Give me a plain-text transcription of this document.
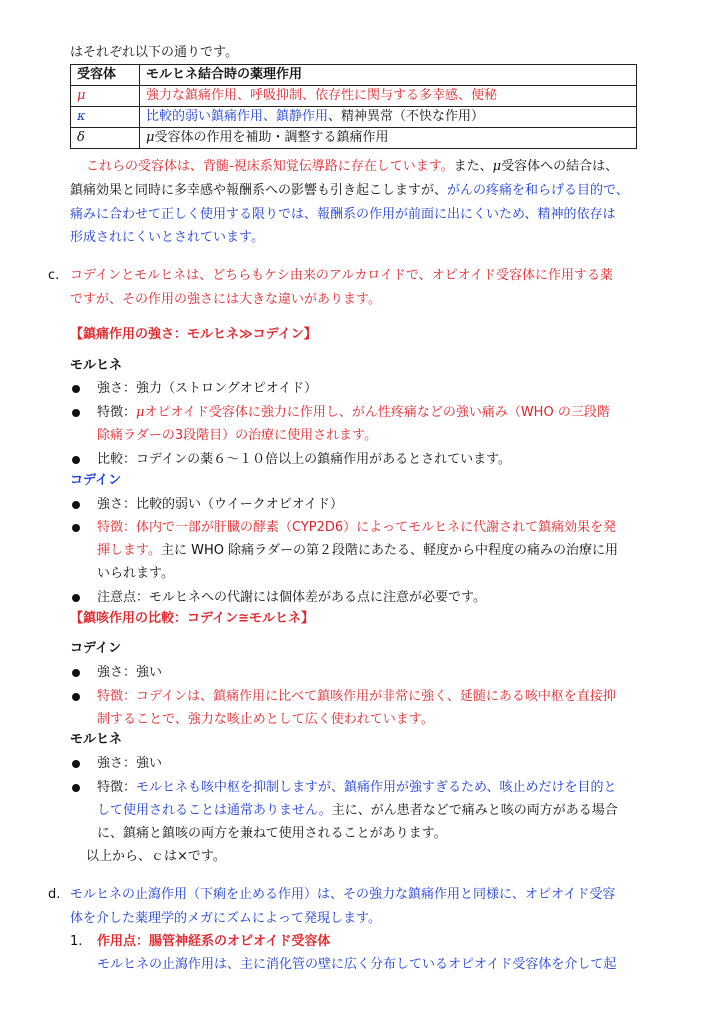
はそれぞれ以下の通りです。
受容体	モルヒネ結合時の薬理作用
μ	強力な鎮痛作用、呼吸抑制、依存性に関与する多幸感、便秘
κ	比較的弱い鎮痛作用、鎮静作用、精神異常（不快な作用）
δ	μ受容体の作用を補助・調整する鎮痛作用
これらの受容体は、背髄-視床系知覚伝導路に存在しています。また、μ受容体への結合は、
鎮痛効果と同時に多幸感や報酬系への影響も引き起こしますが、がんの疼痛を和らげる目的で、
痛みに合わせて正しく使用する限りでは、報酬系の作用が前面に出にくいため、精神的依存は
形成されにくいとされています。
c. コデインとモルヒネは、どちらもケシ由来のアルカロイドで、オピオイド受容体に作用する薬
ですが、その作用の強さには大きな違いがあります。
【鎮痛作用の強さ：モルヒネ≫コデイン】
モルヒネ
強さ：強力（ストロングオピオイド）
特徴：μオピオイド受容体に強力に作用し、がん性疼痛などの強い痛み（WHO の三段階
除痛ラダーの3段階目）の治療に使用されます。
比較：コデインの薬６〜１０倍以上の鎮痛作用があるとされています。
コデイン
強さ：比較的弱い（ウイークオピオイド）
特徴：体内で一部が肝臓の酵素（CYP2D6）によってモルヒネに代謝されて鎮痛効果を発
揮します。主に WHO 除痛ラダーの第２段階にあたる、軽度から中程度の痛みの治療に用
いられます。
注意点：モルヒネへの代謝には個体差がある点に注意が必要です。
【鎮咳作用の比較：コデイン≅モルヒネ】
コデイン
強さ：強い
特徴：コデインは、鎮痛作用に比べて鎮咳作用が非常に強く、延髄にある咳中枢を直接抑
制することで、強力な咳止めとして広く使われています。
モルヒネ
強さ：強い
特徴：モルヒネも咳中枢を抑制しますが、鎮痛作用が強すぎるため、咳止めだけを目的と
して使用されることは通常ありません。主に、がん患者などで痛みと咳の両方がある場合
に、鎮痛と鎮咳の両方を兼ねて使用されることがあります。
以上から、ｃは×です。
d. モルヒネの止瀉作用（下痢を止める作用）は、その強力な鎮痛作用と同様に、オピオイド受容
体を介した薬理学的メガにズムによって発現します。
1. 作用点：腸管神経系のオピオイド受容体
モルヒネの止瀉作用は、主に消化管の壁に広く分布しているオピオイド受容体を介して起
